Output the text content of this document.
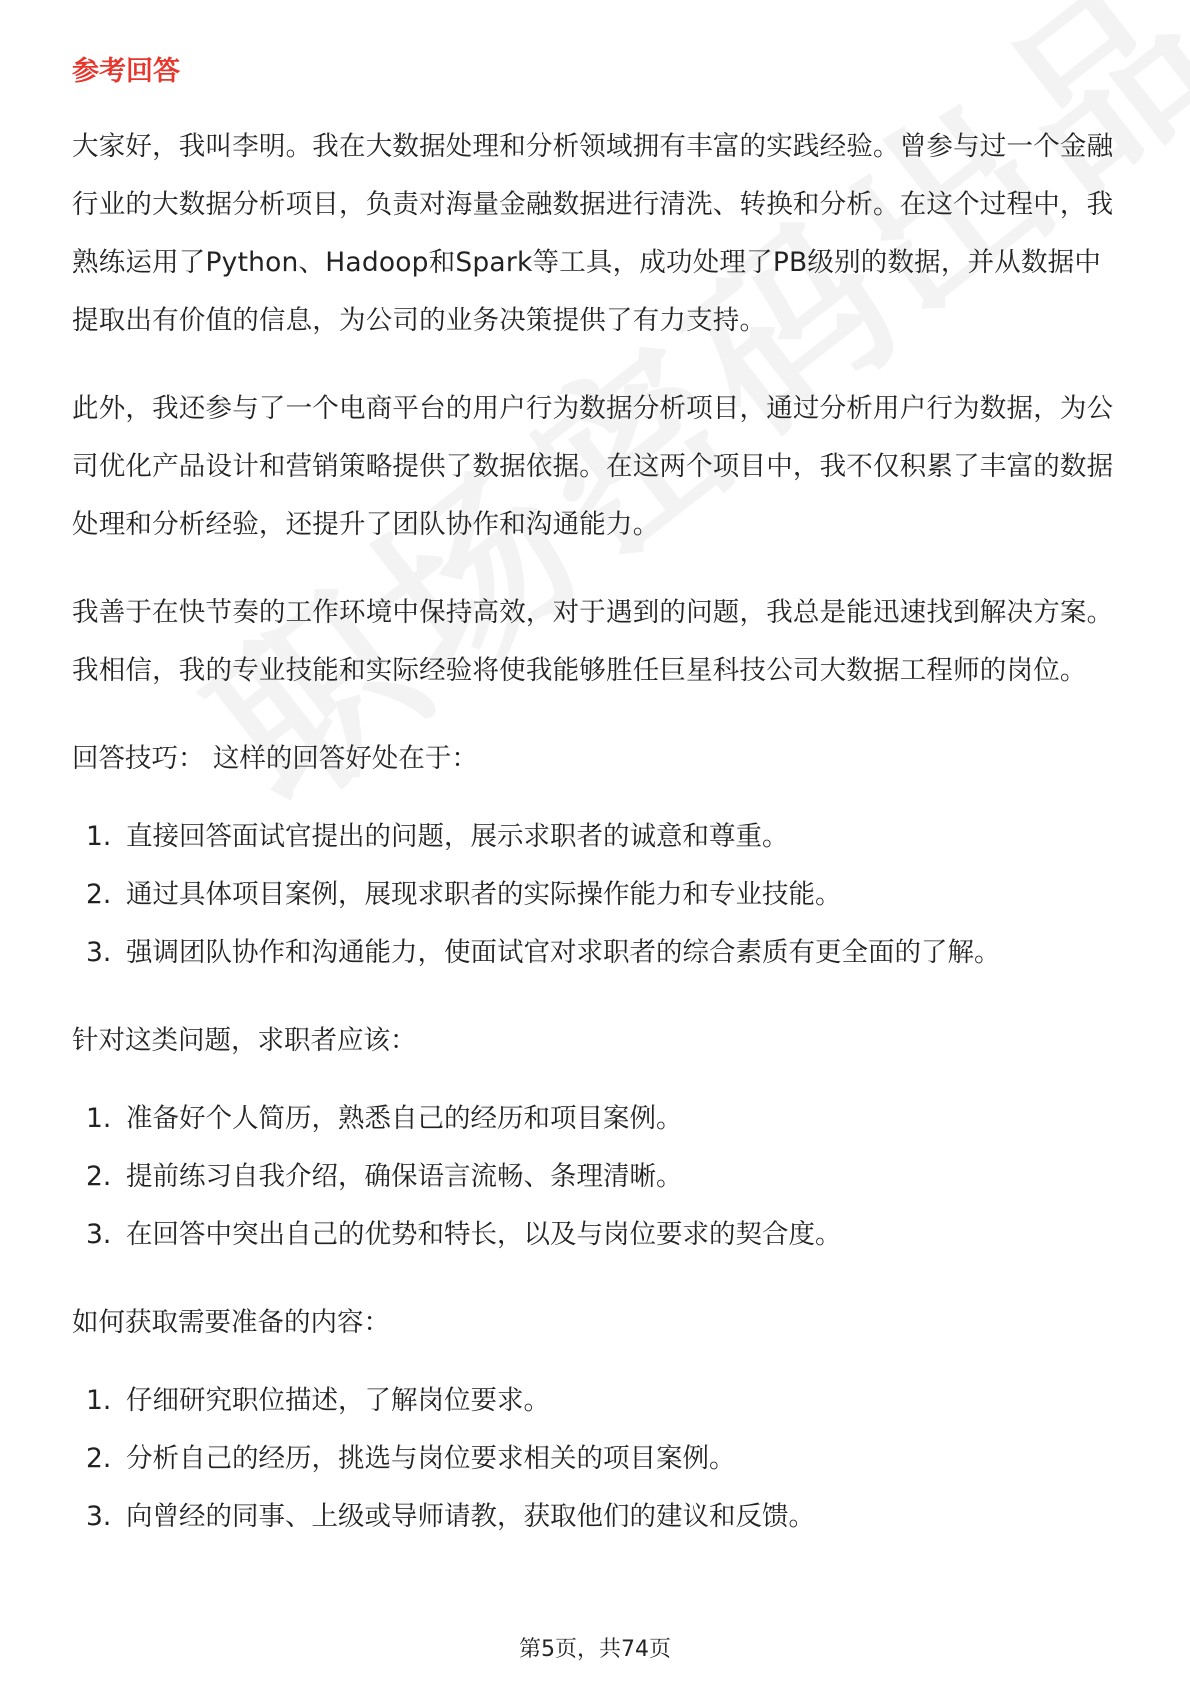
参考回答

大家好，我叫李明。我在大数据处理和分析领域拥有丰富的实践经验。曾参与过一个金融行业的大数据分析项目，负责对海量金融数据进行清洗、转换和分析。在这个过程中，我熟练运用了Python、Hadoop和Spark等工具，成功处理了PB级别的数据，并从数据中提取出有价值的信息，为公司的业务决策提供了有力支持。

此外，我还参与了一个电商平台的用户行为数据分析项目，通过分析用户行为数据，为公司优化产品设计和营销策略提供了数据依据。在这两个项目中，我不仅积累了丰富的数据处理和分析经验，还提升了团队协作和沟通能力。

我善于在快节奏的工作环境中保持高效，对于遇到的问题，我总是能迅速找到解决方案。我相信，我的专业技能和实际经验将使我能够胜任巨星科技公司大数据工程师的岗位。

回答技巧： 这样的回答好处在于：
1. 直接回答面试官提出的问题，展示求职者的诚意和尊重。
2. 通过具体项目案例，展现求职者的实际操作能力和专业技能。
3. 强调团队协作和沟通能力，使面试官对求职者的综合素质有更全面的了解。
针对这类问题，求职者应该：
1. 准备好个人简历，熟悉自己的经历和项目案例。
2. 提前练习自我介绍，确保语言流畅、条理清晰。
3. 在回答中突出自己的优势和特长，以及与岗位要求的契合度。
如何获取需要准备的内容：
1. 仔细研究职位描述，了解岗位要求。
2. 分析自己的经历，挑选与岗位要求相关的项目案例。
3. 向曾经的同事、上级或导师请教，获取他们的建议和反馈。
第5页，共74页
